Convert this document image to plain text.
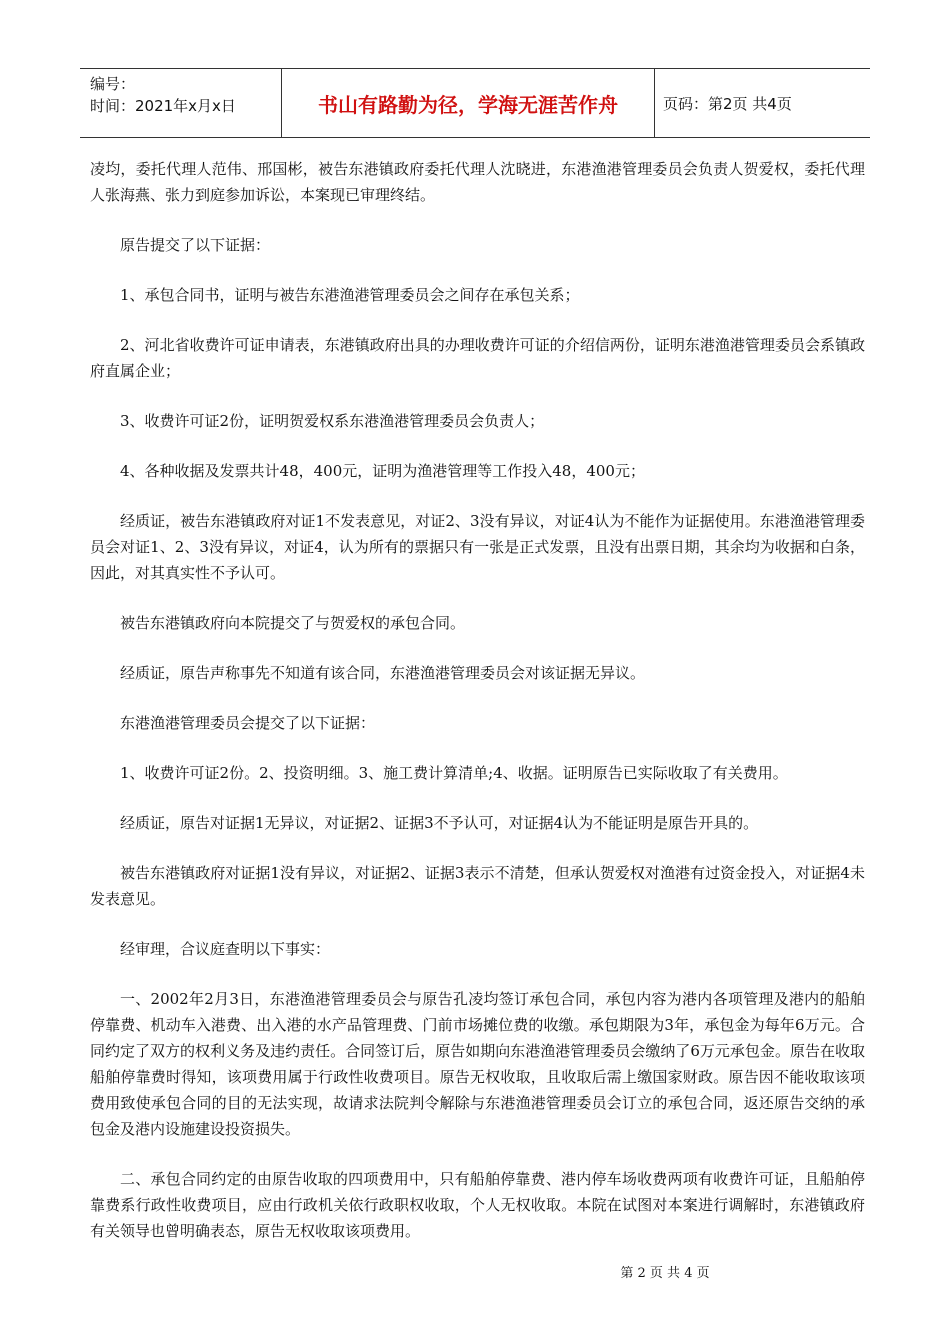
编号：
时间：2021年x月x日	书山有路勤为径，学海无涯苦作舟	页码：第2页 共4页

凌均，委托代理人范伟、邢国彬，被告东港镇政府委托代理人沈晓进，东港渔港管理委员会负责人贺爱权，委托代理人张海燕、张力到庭参加诉讼，本案现已审理终结。

原告提交了以下证据：

1、承包合同书，证明与被告东港渔港管理委员会之间存在承包关系；

2、河北省收费许可证申请表，东港镇政府出具的办理收费许可证的介绍信两份，证明东港渔港管理委员会系镇政府直属企业；

3、收费许可证2份，证明贺爱权系东港渔港管理委员会负责人；

4、各种收据及发票共计48，400元，证明为渔港管理等工作投入48，400元；

经质证，被告东港镇政府对证1不发表意见，对证2、3没有异议，对证4认为不能作为证据使用。东港渔港管理委员会对证1、2、3没有异议，对证4，认为所有的票据只有一张是正式发票，且没有出票日期，其余均为收据和白条，因此，对其真实性不予认可。

被告东港镇政府向本院提交了与贺爱权的承包合同。

经质证，原告声称事先不知道有该合同，东港渔港管理委员会对该证据无异议。

东港渔港管理委员会提交了以下证据：

1、收费许可证2份。2、投资明细。3、施工费计算清单;4、收据。证明原告已实际收取了有关费用。

经质证，原告对证据1无异议，对证据2、证据3不予认可，对证据4认为不能证明是原告开具的。

被告东港镇政府对证据1没有异议，对证据2、证据3表示不清楚，但承认贺爱权对渔港有过资金投入，对证据4未发表意见。

经审理，合议庭查明以下事实：

一、2002年2月3日，东港渔港管理委员会与原告孔凌均签订承包合同，承包内容为港内各项管理及港内的船舶停靠费、机动车入港费、出入港的水产品管理费、门前市场摊位费的收缴。承包期限为3年，承包金为每年6万元。合同约定了双方的权利义务及违约责任。合同签订后，原告如期向东港渔港管理委员会缴纳了6万元承包金。原告在收取船舶停靠费时得知，该项费用属于行政性收费项目。原告无权收取，且收取后需上缴国家财政。原告因不能收取该项费用致使承包合同的目的无法实现，故请求法院判令解除与东港渔港管理委员会订立的承包合同，返还原告交纳的承包金及港内设施建设投资损失。

二、承包合同约定的由原告收取的四项费用中，只有船舶停靠费、港内停车场收费两项有收费许可证，且船舶停靠费系行政性收费项目，应由行政机关依行政职权收取，个人无权收取。本院在试图对本案进行调解时，东港镇政府有关领导也曾明确表态，原告无权收取该项费用。

第 2 页 共 4 页
